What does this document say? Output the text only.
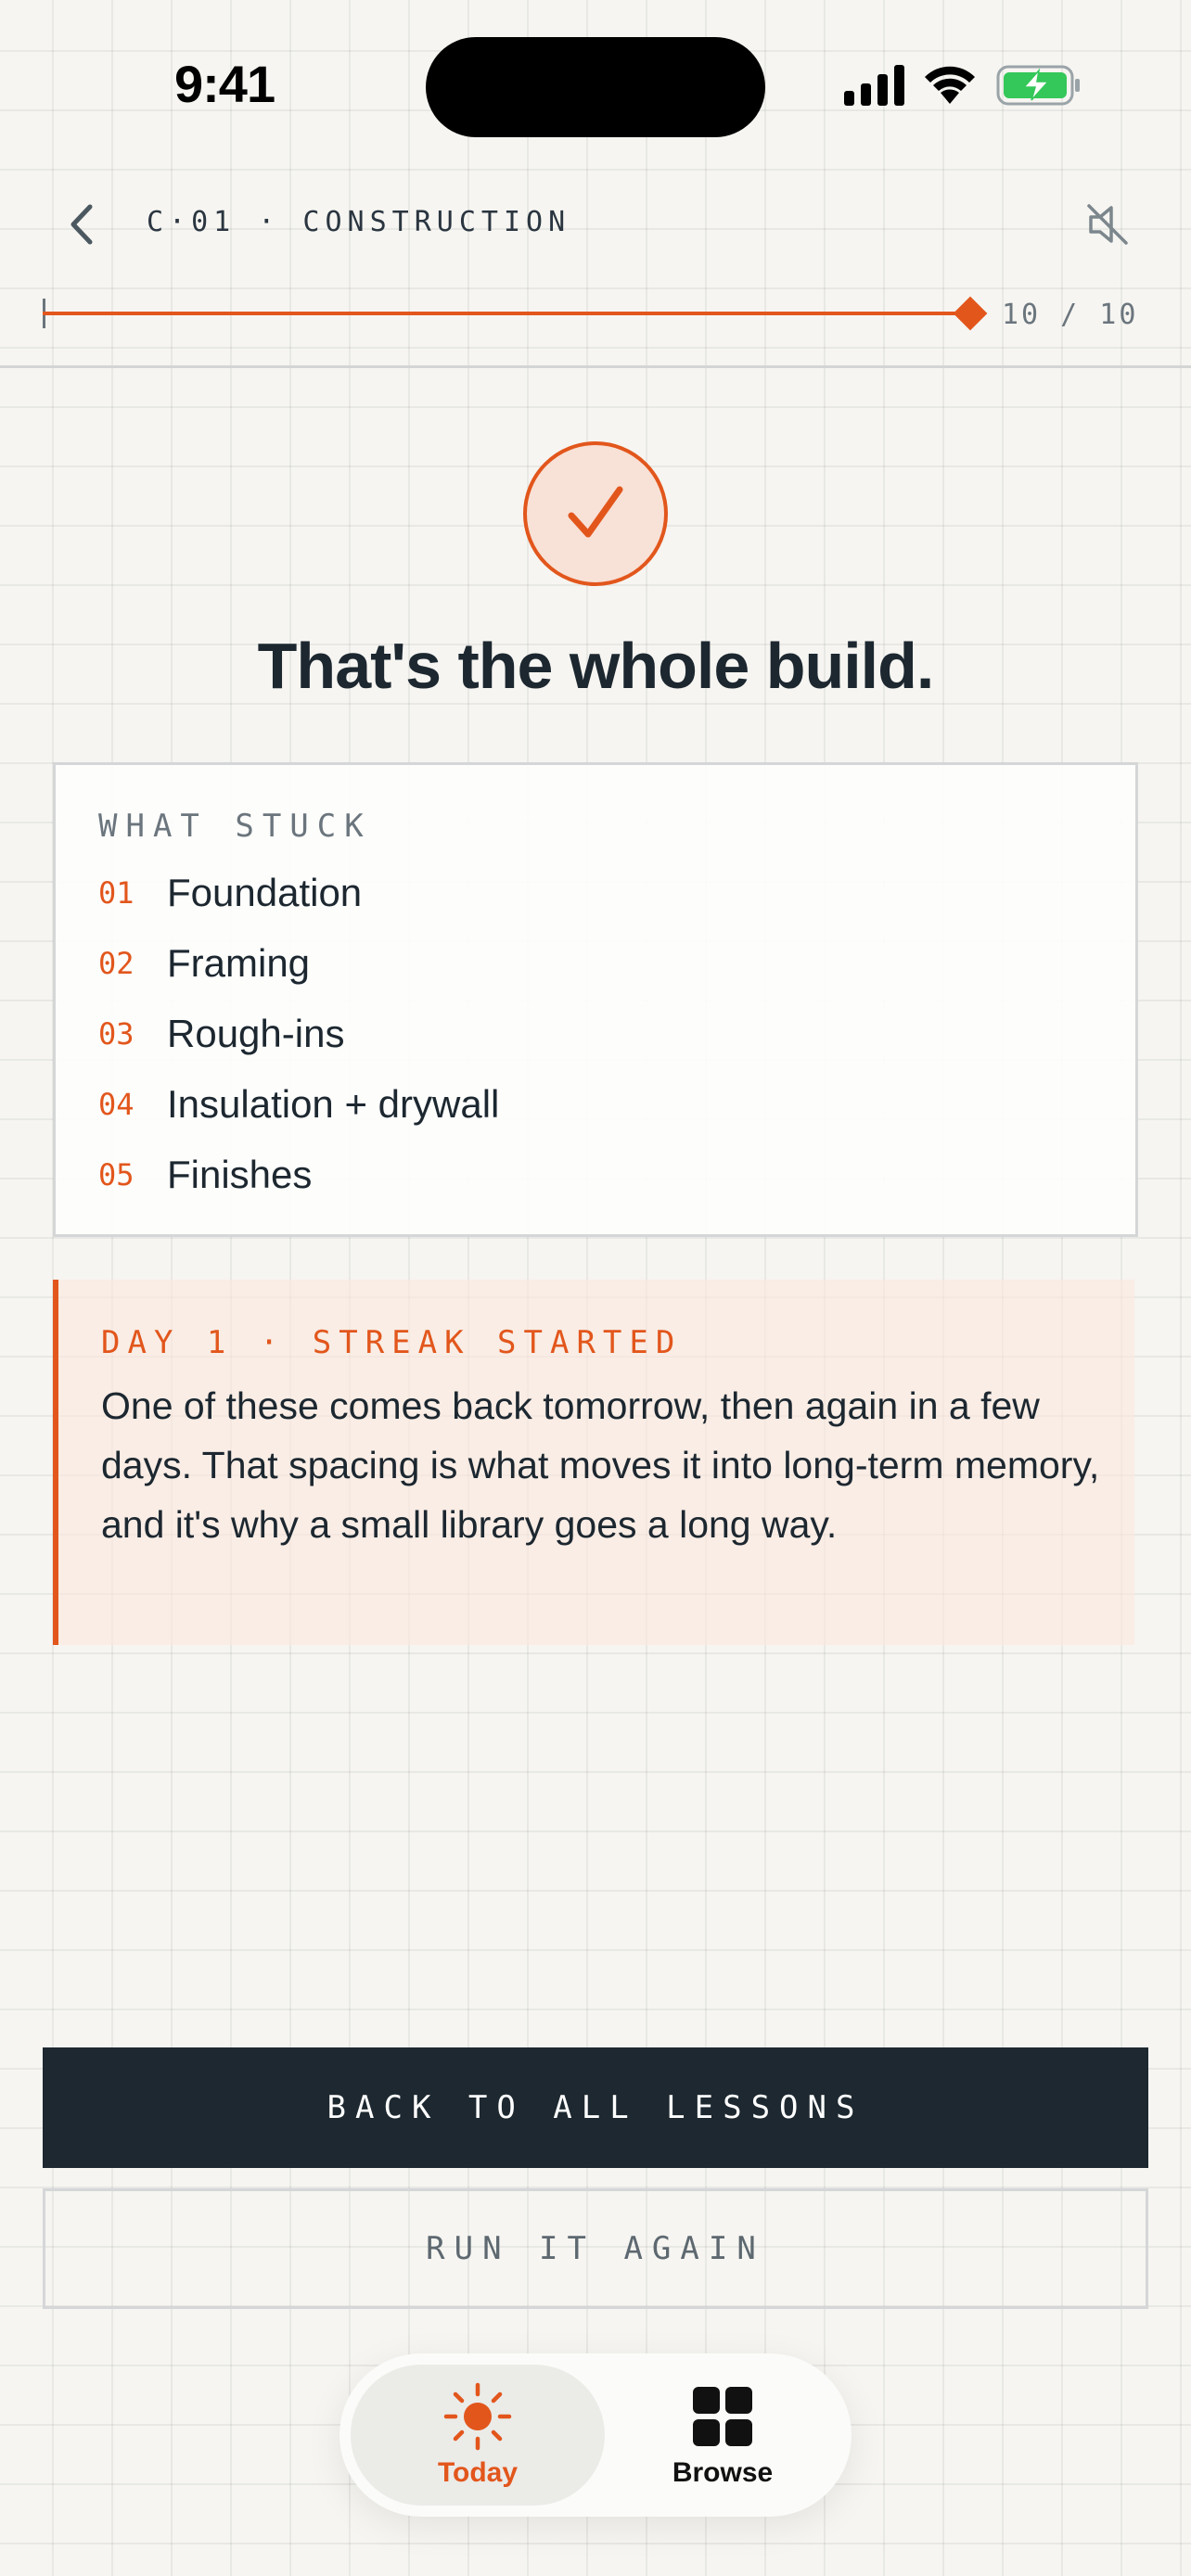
9:41
C·01 · CONSTRUCTION
10 / 10
That's the whole build.
WHAT STUCK
01 Foundation
02 Framing
03 Rough-ins
04 Insulation + drywall
05 Finishes
DAY 1 · STREAK STARTED

One of these comes back tomorrow, then again in a few days. That spacing is what moves it into long-term memory, and it's why a small library goes a long way.

BACK TO ALL LESSONS
RUN IT AGAIN
Today	Browse
